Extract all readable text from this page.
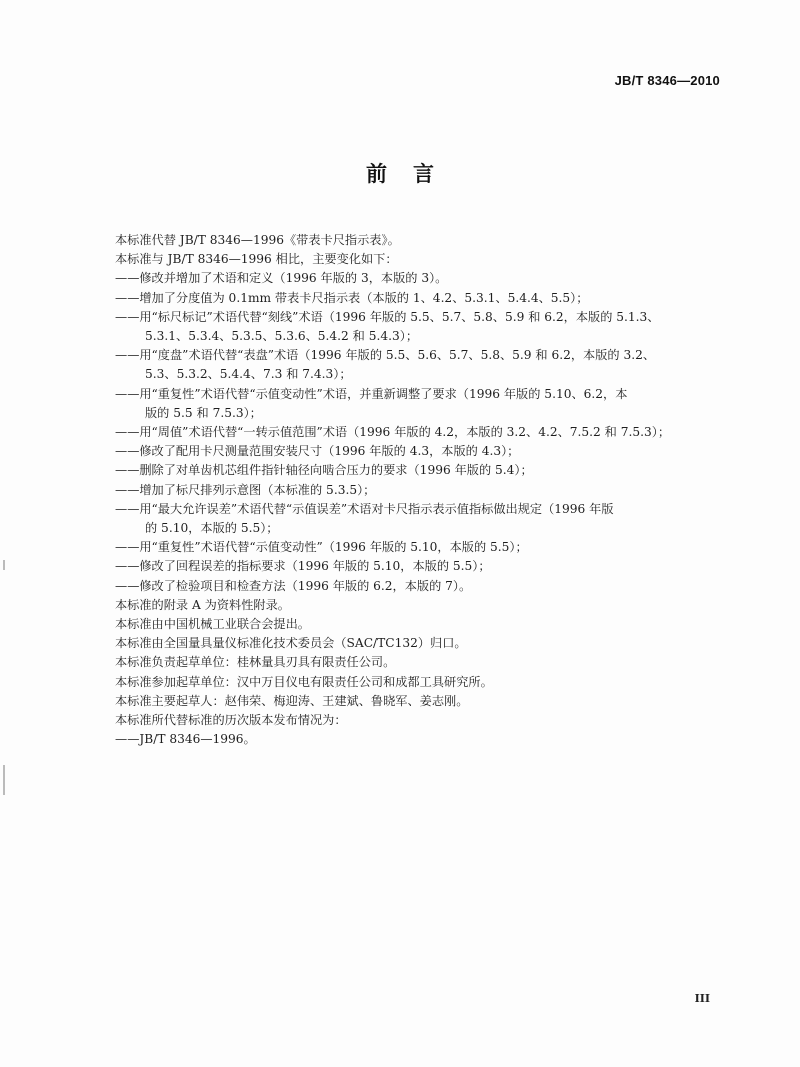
JB/T 8346—2010
前言
本标准代替 JB/T 8346—1996《带表卡尺指示表》。
本标准与 JB/T 8346—1996 相比，主要变化如下：
——修改并增加了术语和定义（1996 年版的 3，本版的 3）。
——增加了分度值为 0.1mm 带表卡尺指示表（本版的 1、4.2、5.3.1、5.4.4、5.5）；
——用“标尺标记”术语代替“刻线”术语（1996 年版的 5.5、5.7、5.8、5.9 和 6.2，本版的 5.1.3、
5.3.1、5.3.4、5.3.5、5.3.6、5.4.2 和 5.4.3）；
——用“度盘”术语代替“表盘”术语（1996 年版的 5.5、5.6、5.7、5.8、5.9 和 6.2，本版的 3.2、
5.3、5.3.2、5.4.4、7.3 和 7.4.3）；
——用“重复性”术语代替“示值变动性”术语，并重新调整了要求（1996 年版的 5.10、6.2，本
版的 5.5 和 7.5.3）；
——用“周值”术语代替“一转示值范围”术语（1996 年版的 4.2，本版的 3.2、4.2、7.5.2 和 7.5.3）；
——修改了配用卡尺测量范围安装尺寸（1996 年版的 4.3，本版的 4.3）；
——删除了对单齿机芯组件指针轴径向啮合压力的要求（1996 年版的 5.4）；
——增加了标尺排列示意图（本标准的 5.3.5）；
——用“最大允许误差”术语代替“示值误差”术语对卡尺指示表示值指标做出规定（1996 年版
的 5.10，本版的 5.5）；
——用“重复性”术语代替“示值变动性”（1996 年版的 5.10，本版的 5.5）；
——修改了回程误差的指标要求（1996 年版的 5.10，本版的 5.5）；
——修改了检验项目和检查方法（1996 年版的 6.2，本版的 7）。
本标准的附录 A 为资料性附录。
本标准由中国机械工业联合会提出。
本标准由全国量具量仪标准化技术委员会（SAC/TC132）归口。
本标准负责起草单位：桂林量具刃具有限责任公司。
本标准参加起草单位：汉中万目仪电有限责任公司和成都工具研究所。
本标准主要起草人：赵伟荣、梅迎涛、王建斌、鲁晓军、姜志刚。
本标准所代替标准的历次版本发布情况为：
——JB/T 8346—1996。
III
